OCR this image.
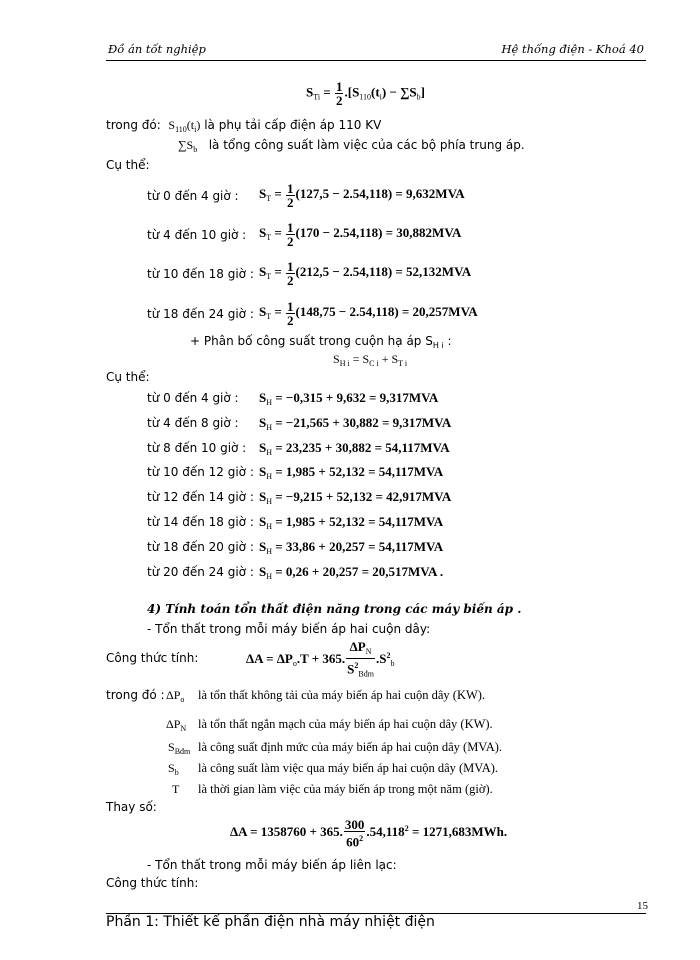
Đồ án tốt nghiệp	Hệ thống điện - Khoá 40
$S_{Ti} = \frac{1}{2} .[S_{110}(t_i) - \sum S_b]$
trong đó: $S_{110}(t_i)$ là phụ tải cấp điện áp 110 KV
$\sum S_b$ là tổng công suất làm việc của các bộ phía trung áp.
Cụ thể:
từ 0 đến 4 giờ : $S_T = \frac{1}{2} (127,5 - 2.54,118) = 9,632MVA$
từ 4 đến 10 giờ : $S_T = \frac{1}{2} (170 - 2.54,118) = 30,882MVA$
từ 10 đến 18 giờ : $S_T = \frac{1}{2} (212,5 - 2.54,118) = 52,132MVA$
từ 18 đến 24 giờ : $S_T = \frac{1}{2} (148,75 - 2.54,118) = 20,257MVA$
+ Phân bố công suất trong cuộn hạ áp $S_{H i}$ :
$S_{H i} = S_{C i} + S_{T i}$
Cụ thể:
từ 0 đến 4 giờ : $S_H = -0,315 + 9,632 = 9,317MVA$
từ 4 đến 8 giờ : $S_H = -21,565 + 30,882 = 9,317MVA$
từ 8 đến 10 giờ : $S_H = 23,235 + 30,882 = 54,117MVA$
từ 10 đến 12 giờ : $S_H = 1,985 + 52,132 = 54,117MVA$
từ 12 đến 14 giờ : $S_H = -9,215 + 52,132 = 42,917MVA$
từ 14 đến 18 giờ : $S_H = 1,985 + 52,132 = 54,117MVA$
từ 18 đến 20 giờ : $S_H = 33,86 + 20,257 = 54,117MVA$
từ 20 đến 24 giờ : $S_H = 0,26 + 20,257 = 20,517MVA$ .
4) Tính toán tổn thất điện năng trong các máy biến áp .
- Tổn thất trong mỗi máy biến áp hai cuộn dây:
Công thức tính:	$\Delta A = \Delta P_o.T + 365$. $\frac{\Delta P_N}{S^2_{Bđm}} .S^2_b$
trong đó : $\Delta P_o$ là tổn thất không tải của máy biến áp hai cuộn dây (KW).
$\Delta P_N$ là tổn thất ngắn mạch của máy biến áp hai cuộn dây (KW).
$S_{Bđm}$ là công suất định mức của máy biến áp hai cuộn dây (MVA).
$S_b$ là công suất làm việc qua máy biến áp hai cuộn dây (MVA).
T là thời gian làm việc của máy biến áp trong một năm (giờ).
Thay số:
ΔA = 1358760 + 365. $\frac{300}{60^2} .54,118^2 = 1271,683MWh$.
- Tổn thất trong mỗi máy biến áp liên lạc:
Công thức tính:
15
Phần 1: Thiết kế phần điện nhà máy nhiệt điện
